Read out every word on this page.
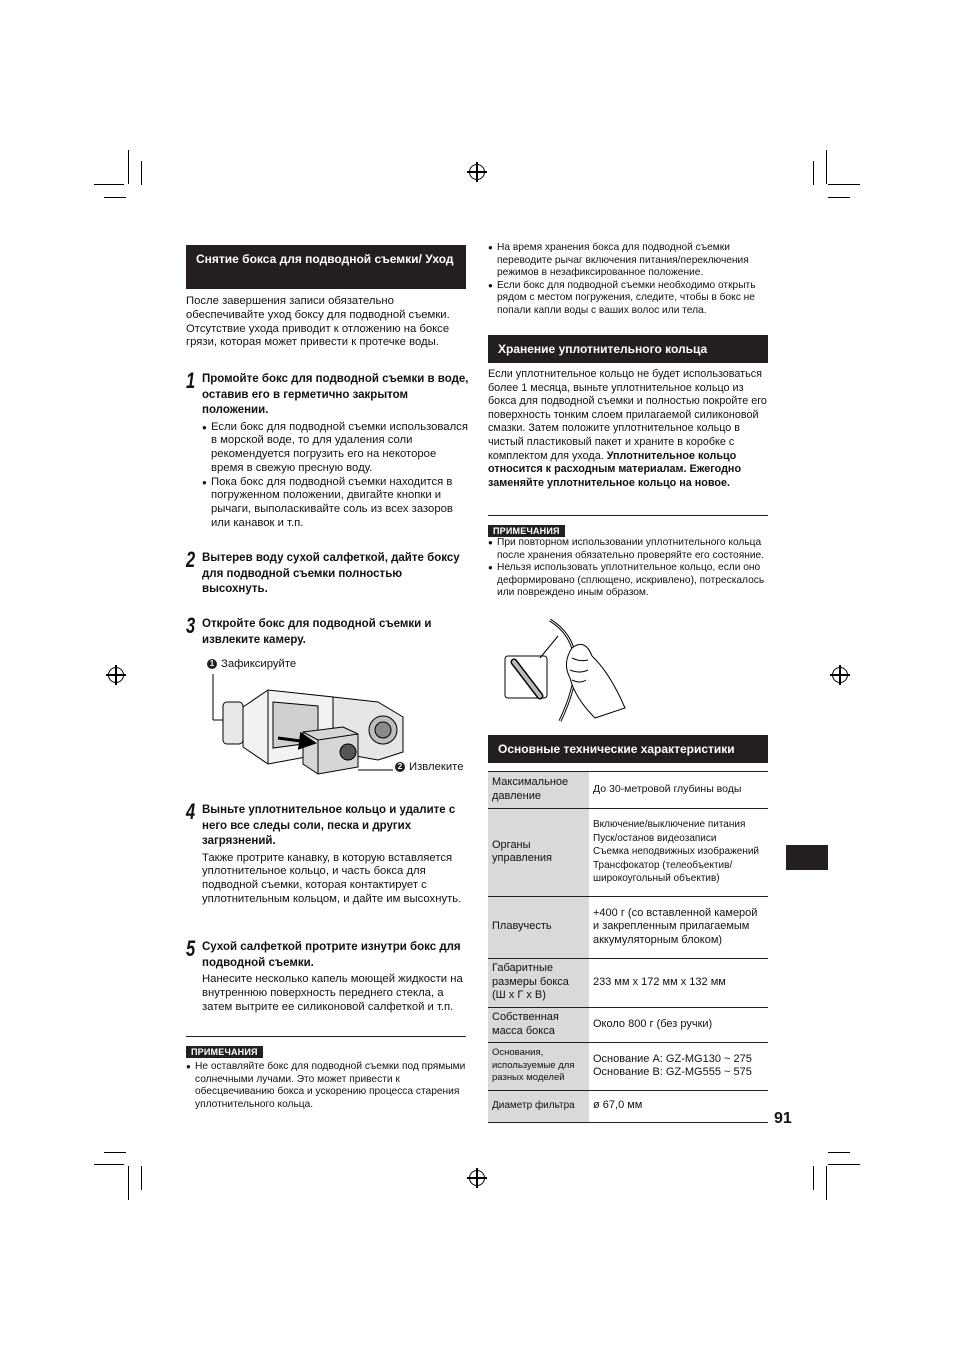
Снятие бокса для подводной съемки/ Уход
После завершения записи обязательно обеспечивайте уход боксу для подводной съемки. Отсутствие ухода приводит к отложению на боксе грязи, которая может привести к протечке воды.
1 Промойте бокс для подводной съемки в воде, оставив его в герметично закрытом положении.
● Если бокс для подводной съемки использовался в морской воде, то для удаления соли рекомендуется погрузить его на некоторое время в свежую пресную воду.
● Пока бокс для подводной съемки находится в погруженном положении, двигайте кнопки и рычаги, выполаскивайте соль из всех зазоров или канавок и т.п.
2 Вытерев воду сухой салфеткой, дайте боксу для подводной съемки полностью высохнуть.
3 Откройте бокс для подводной съемки и извлеките камеру.
1 Зафиксируйте
2 Извлеките
4 Выньте уплотнительное кольцо и удалите с него все следы соли, песка и других загрязнений.
Также протрите канавку, в которую вставляется уплотнительное кольцо, и часть бокса для подводной съемки, которая контактирует с уплотнительным кольцом, и дайте им высохнуть.
5 Сухой салфеткой протрите изнутри бокс для подводной съемки.
Нанесите несколько капель моющей жидкости на внутреннюю поверхность переднего стекла, а затем вытрите ее силиконовой салфеткой и т.п.
ПРИМЕЧАНИЯ
● Не оставляйте бокс для подводной съемки под прямыми солнечными лучами. Это может привести к обесцвечиванию бокса и ускорению процесса старения уплотнительного кольца.
● На время хранения бокса для подводной съемки переводите рычаг включения питания/переключения режимов в незафиксированное положение.
● Если бокс для подводной съемки необходимо открыть рядом с местом погружения, следите, чтобы в бокс не попали капли воды с ваших волос или тела.
Хранение уплотнительного кольца
Если уплотнительное кольцо не будет использоваться более 1 месяца, выньте уплотнительное кольцо из бокса для подводной съемки и полностью покройте его поверхность тонким слоем прилагаемой силиконовой смазки. Затем положите уплотнительное кольцо в чистый пластиковый пакет и храните в коробке с комплектом для ухода. Уплотнительное кольцо относится к расходным материалам. Ежегодно заменяйте уплотнительное кольцо на новое.
ПРИМЕЧАНИЯ
● При повторном использовании уплотнительного кольца после хранения обязательно проверяйте его состояние.
● Нельзя использовать уплотнительное кольцо, если оно деформировано (сплющено, искривлено), потрескалось или повреждено иным образом.
Основные технические характеристики
Максимальное давление	До 30-метровой глубины воды
Органы управления	Включение/выключение питания
Пуск/останов видеозаписи
Съемка неподвижных изображений
Трансфокатор (телеобъектив/широкоугольный объектив)
Плавучесть	+400 г (со вставленной камерой и закрепленным прилагаемым аккумуляторным блоком)
Габаритные размеры бокса (Ш x Г x В)	233 мм x 172 мм x 132 мм
Собственная масса бокса	Около 800 г (без ручки)
Основания, используемые для разных моделей	Основание A: GZ-MG130 ~ 275
Основание B: GZ-MG555 ~ 575
Диаметр фильтра	ø 67,0 мм
91
